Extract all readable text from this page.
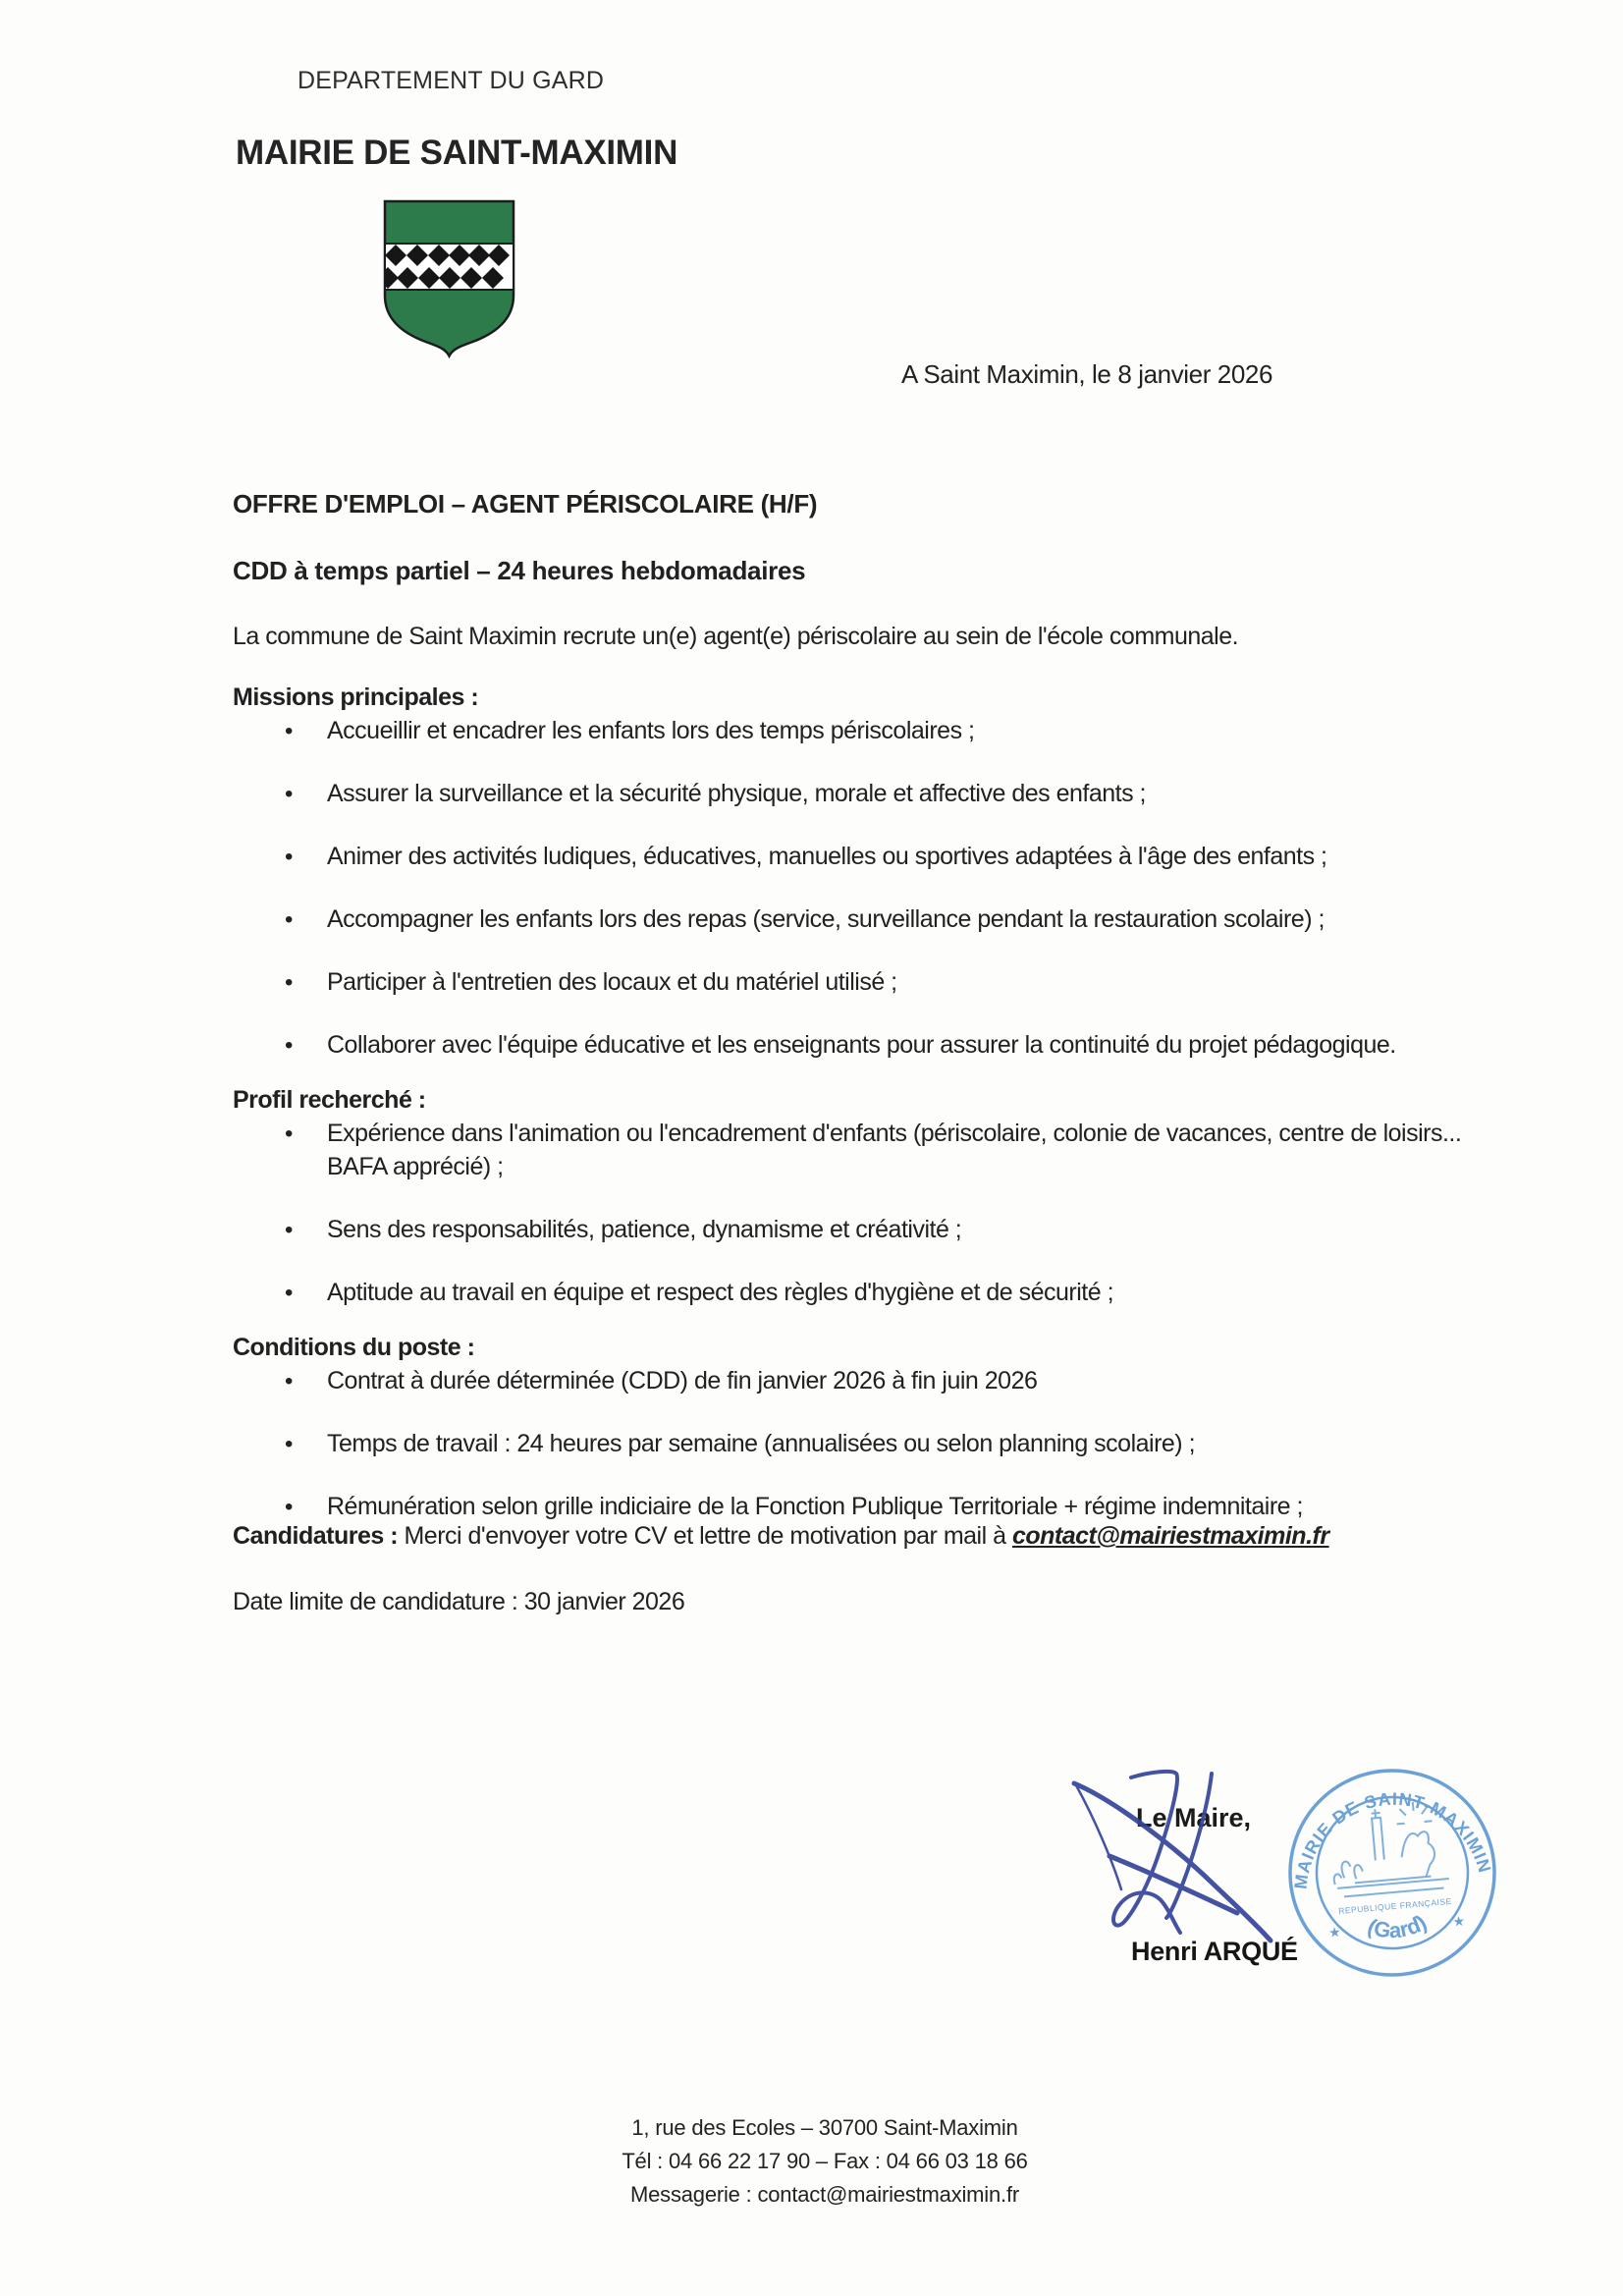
DEPARTEMENT DU GARD
MAIRIE DE SAINT-MAXIMIN
A Saint Maximin, le 8 janvier 2026

OFFRE D'EMPLOI – AGENT PÉRISCOLAIRE (H/F)

CDD à temps partiel – 24 heures hebdomadaires

La commune de Saint Maximin recrute un(e) agent(e) périscolaire au sein de l'école communale.

Missions principales :

• Accueillir et encadrer les enfants lors des temps périscolaires ;
• Assurer la surveillance et la sécurité physique, morale et affective des enfants ;
• Animer des activités ludiques, éducatives, manuelles ou sportives adaptées à l'âge des enfants ;
• Accompagner les enfants lors des repas (service, surveillance pendant la restauration scolaire) ;
• Participer à l'entretien des locaux et du matériel utilisé ;
• Collaborer avec l'équipe éducative et les enseignants pour assurer la continuité du projet pédagogique.

Profil recherché :

• Expérience dans l'animation ou l'encadrement d'enfants (périscolaire, colonie de vacances, centre de loisirs... BAFA apprécié) ;
• Sens des responsabilités, patience, dynamisme et créativité ;
• Aptitude au travail en équipe et respect des règles d'hygiène et de sécurité ;

Conditions du poste :

• Contrat à durée déterminée (CDD) de fin janvier 2026 à fin juin 2026
• Temps de travail : 24 heures par semaine (annualisées ou selon planning scolaire) ;
• Rémunération selon grille indiciaire de la Fonction Publique Territoriale + régime indemnitaire ;

Candidatures : Merci d'envoyer votre CV et lettre de motivation par mail à contact@mairiestmaximin.fr

Date limite de candidature : 30 janvier 2026

Le Maire,
MAIRIE DE SAINT-MAXIMIN
(Gard)
REPUBLIQUE FRANÇAISE
★
★
Henri ARQUÉ
1, rue des Ecoles – 30700 Saint-Maximin
Tél : 04 66 22 17 90 – Fax : 04 66 03 18 66
Messagerie : contact@mairiestmaximin.fr
